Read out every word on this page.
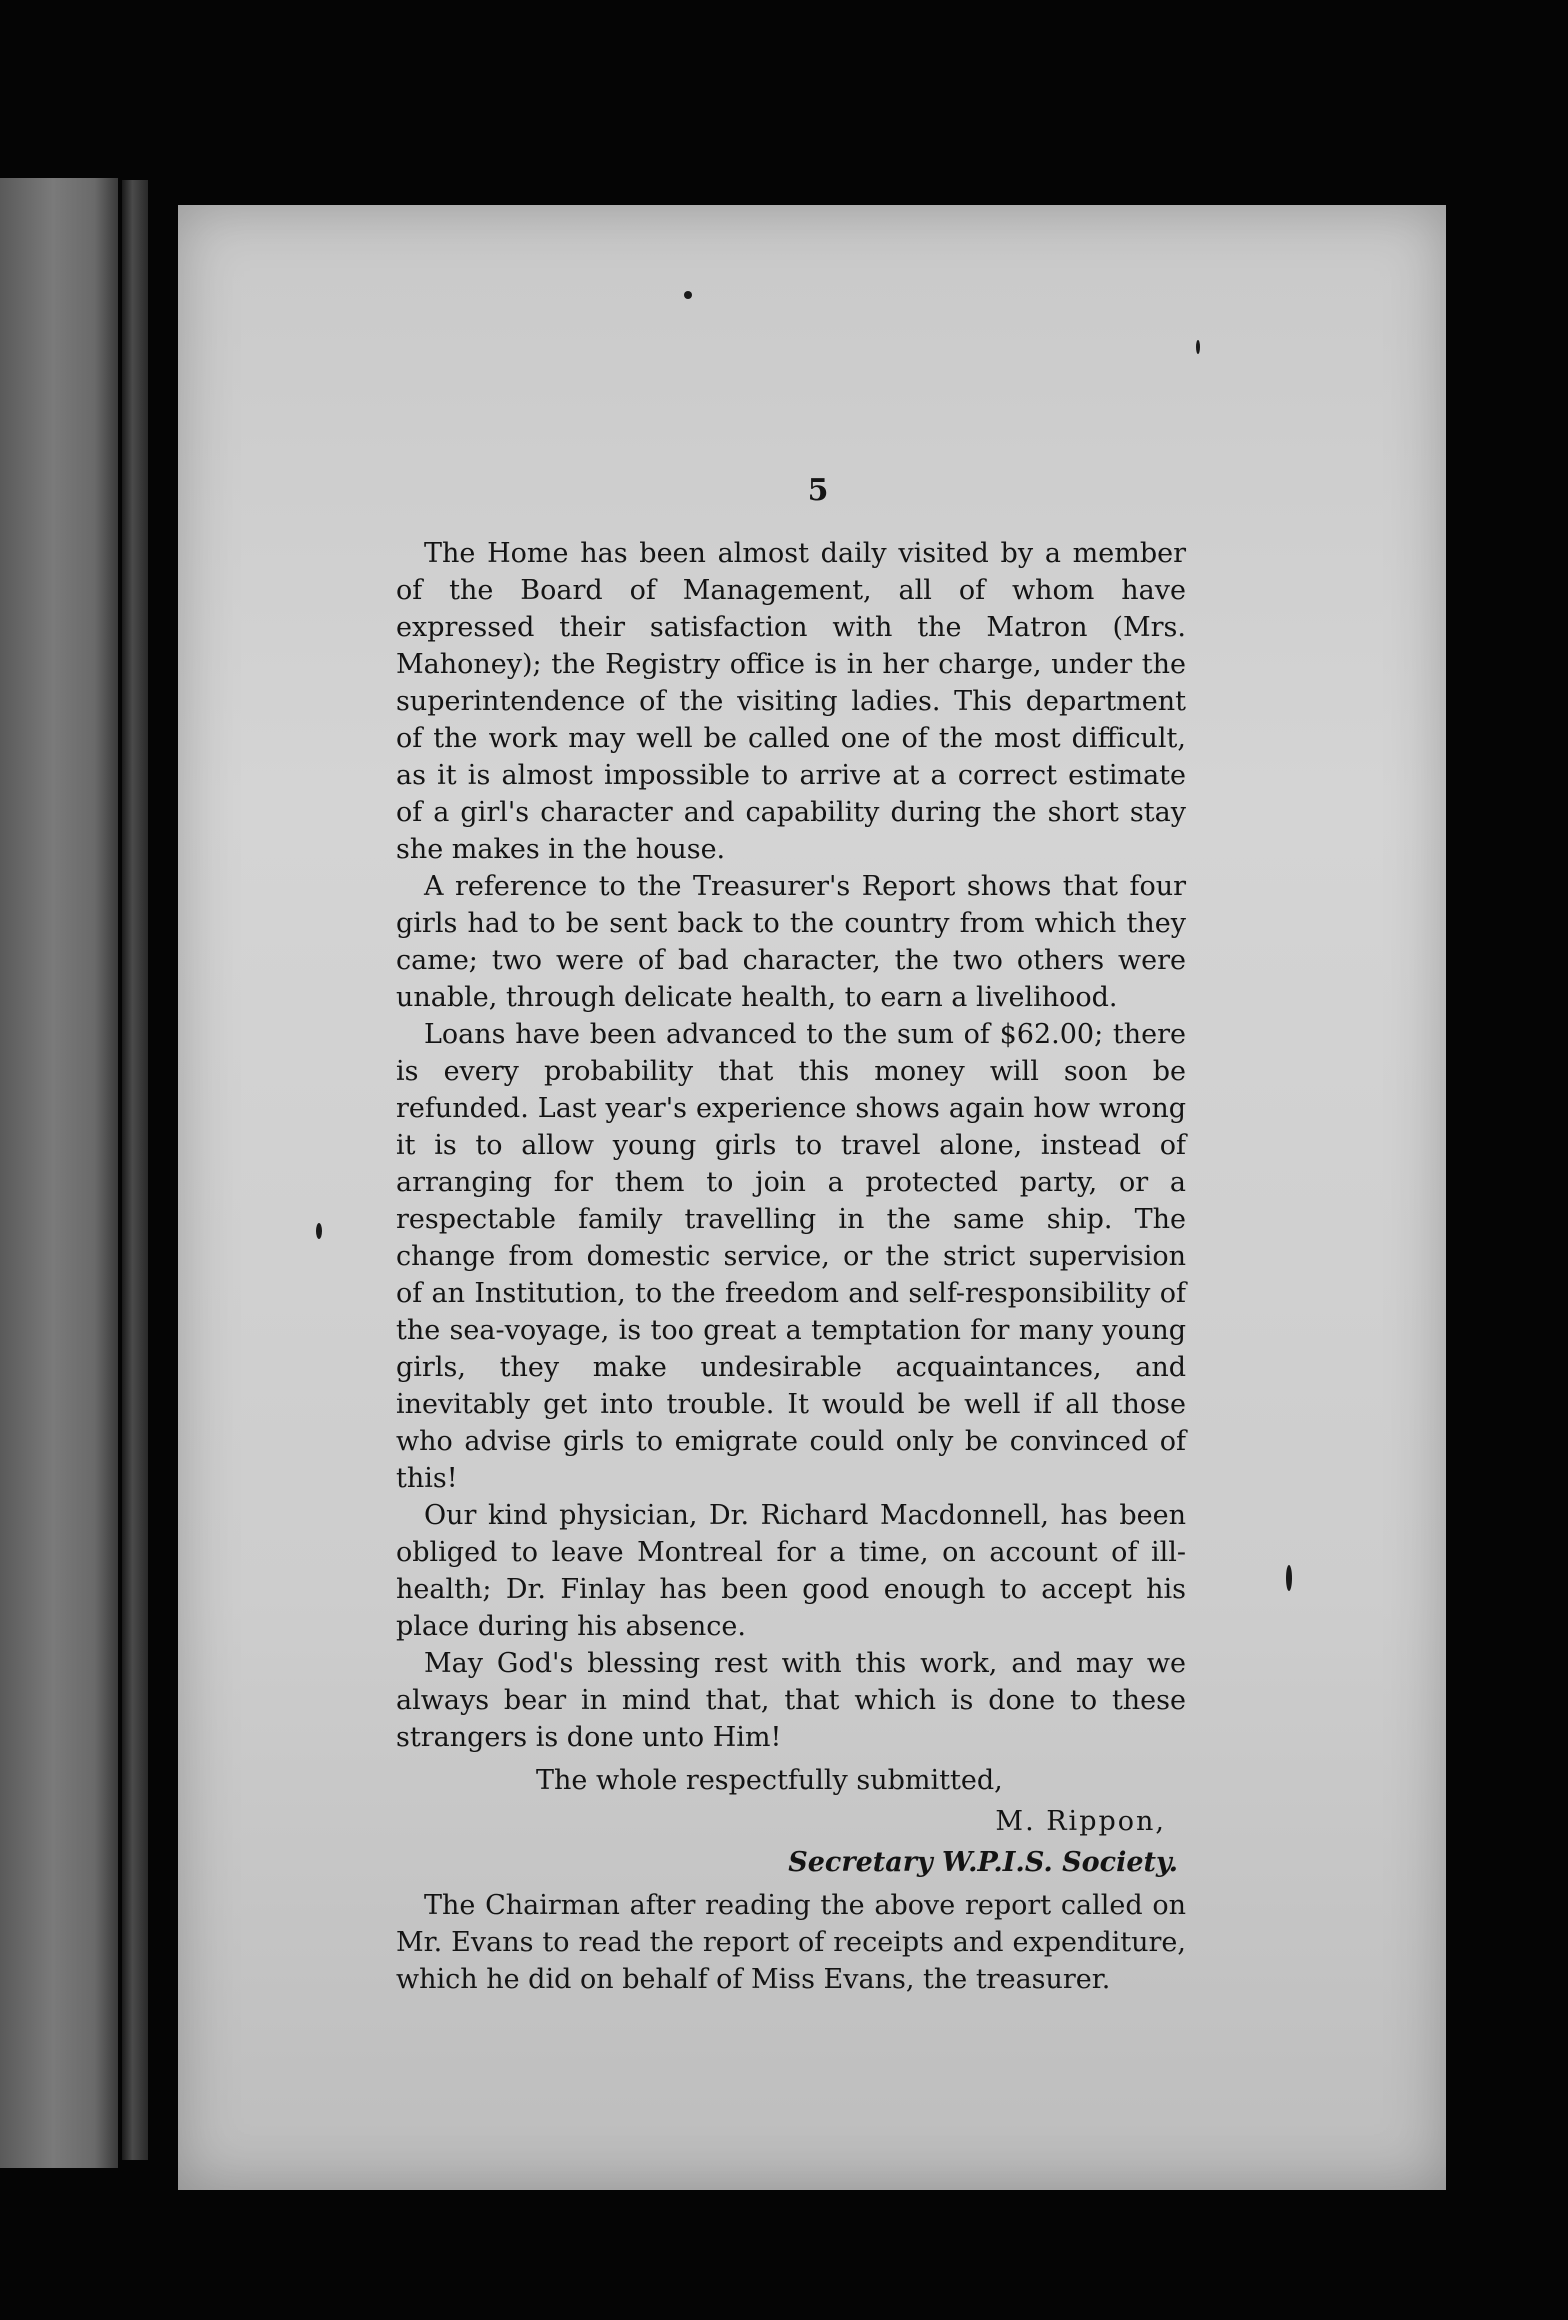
5

The Home has been almost daily visited by a member of the Board of Management, all of whom have expressed their satisfaction with the Matron (Mrs. Mahoney); the Registry office is in her charge, under the superintendence of the visiting ladies. This department of the work may well be called one of the most difficult, as it is almost impossible to arrive at a correct estimate of a girl's character and capability during the short stay she makes in the house.

A reference to the Treasurer's Report shows that four girls had to be sent back to the country from which they came; two were of bad character, the two others were unable, through delicate health, to earn a livelihood.

Loans have been advanced to the sum of $62.00; there is every probability that this money will soon be refunded. Last year's experience shows again how wrong it is to allow young girls to travel alone, instead of arranging for them to join a protected party, or a respectable family travelling in the same ship. The change from domestic service, or the strict supervision of an Institution, to the freedom and self-responsibility of the sea-voyage, is too great a temptation for many young girls, they make undesirable acquaintances, and inevitably get into trouble. It would be well if all those who advise girls to emigrate could only be convinced of this!

Our kind physician, Dr. Richard Macdonnell, has been obliged to leave Montreal for a time, on account of ill-health; Dr. Finlay has been good enough to accept his place during his absence.

May God's blessing rest with this work, and may we always bear in mind that, that which is done to these strangers is done unto Him!

The whole respectfully submitted,

M. Rippon,

Secretary W.P.I.S. Society.

The Chairman after reading the above report called on Mr. Evans to read the report of receipts and expenditure, which he did on behalf of Miss Evans, the treasurer.
